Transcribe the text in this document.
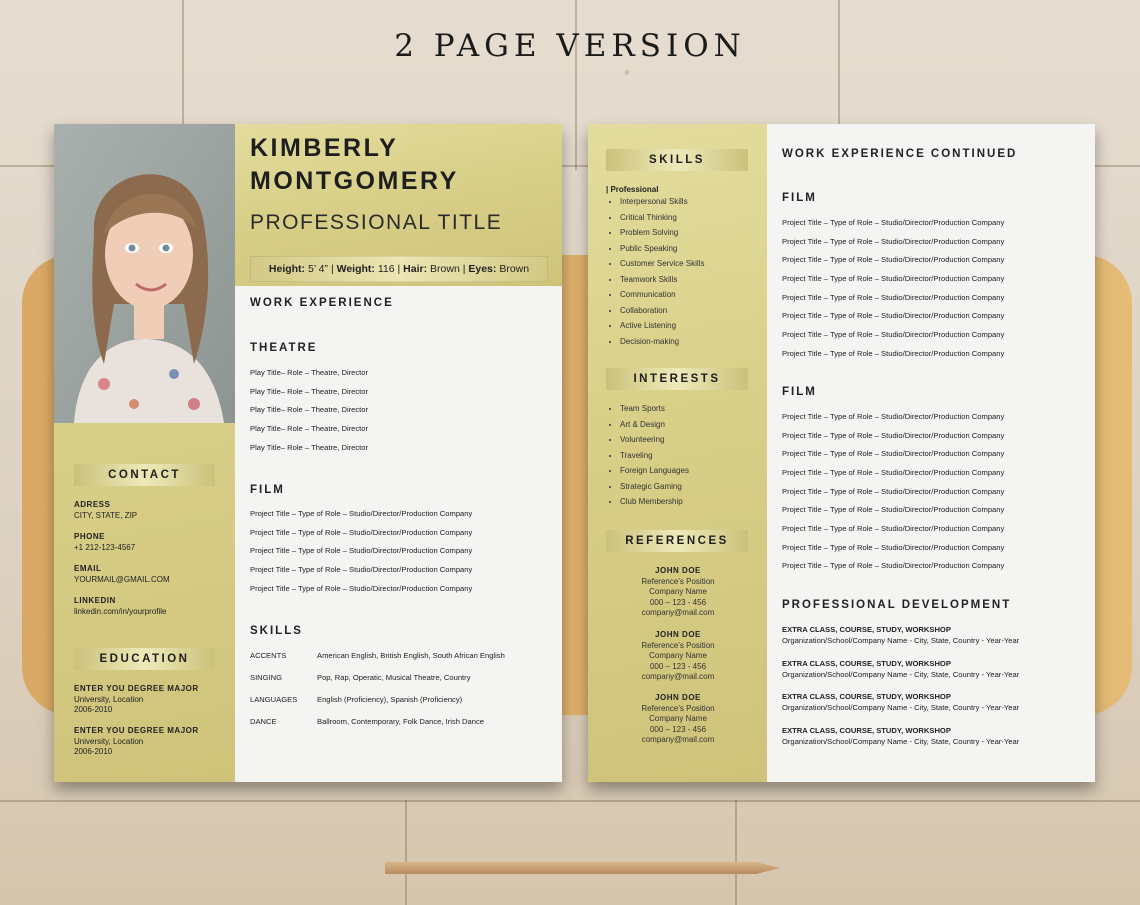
2 PAGE VERSION
CONTACT
ADRESS
CITY, STATE, ZIP
PHONE
+1 212-123-4567
EMAIL
YOURMAIL@GMAIL.COM
LINKEDIN
linkedin.com/in/yourprofile
EDUCATION
ENTER YOU DEGREE MAJOR
University, Location
2006-2010
ENTER YOU DEGREE MAJOR
University, Location
2006-2010
KIMBERLY
MONTGOMERY
PROFESSIONAL TITLE
Height: 5’ 4” | Weight: 116 | Hair: Brown | Eyes: Brown
WORK EXPERIENCE
THEATRE
Play Title– Role – Theatre, Director
Play Title– Role – Theatre, Director
Play Title– Role – Theatre, Director
Play Title– Role – Theatre, Director
Play Title– Role – Theatre, Director
FILM
Project Title – Type of Role – Studio/Director/Production Company
Project Title – Type of Role – Studio/Director/Production Company
Project Title – Type of Role – Studio/Director/Production Company
Project Title – Type of Role – Studio/Director/Production Company
Project Title – Type of Role – Studio/Director/Production Company
SKILLS
ACCENTS	American English, British English, South African English
SINGING	Pop, Rap, Operatic, Musical Theatre, Country
LANGUAGES	English (Proficiency), Spanish (Proficiency)
DANCE	Ballroom, Contemporary, Folk Dance, Irish Dance
SKILLS
| Professional
• Interpersonal Skills
• Critical Thinking
• Problem Solving
• Public Speaking
• Customer Service Skills
• Teamwork Skills
• Communication
• Collaboration
• Active Listening
• Decision-making
INTERESTS
• Team Sports
• Art & Design
• Volunteering
• Traveling
• Foreign Languages
• Strategic Gaming
• Club Membership
REFERENCES
JOHN DOE
Reference’s Position
Company Name
000 – 123 - 456
company@mail.com
JOHN DOE
Reference’s Position
Company Name
000 – 123 - 456
company@mail.com
JOHN DOE
Reference’s Position
Company Name
000 – 123 - 456
company@mail.com
WORK EXPERIENCE CONTINUED
FILM
Project Title – Type of Role – Studio/Director/Production Company
Project Title – Type of Role – Studio/Director/Production Company
Project Title – Type of Role – Studio/Director/Production Company
Project Title – Type of Role – Studio/Director/Production Company
Project Title – Type of Role – Studio/Director/Production Company
Project Title – Type of Role – Studio/Director/Production Company
Project Title – Type of Role – Studio/Director/Production Company
Project Title – Type of Role – Studio/Director/Production Company
FILM
Project Title – Type of Role – Studio/Director/Production Company
Project Title – Type of Role – Studio/Director/Production Company
Project Title – Type of Role – Studio/Director/Production Company
Project Title – Type of Role – Studio/Director/Production Company
Project Title – Type of Role – Studio/Director/Production Company
Project Title – Type of Role – Studio/Director/Production Company
Project Title – Type of Role – Studio/Director/Production Company
Project Title – Type of Role – Studio/Director/Production Company
Project Title – Type of Role – Studio/Director/Production Company
PROFESSIONAL DEVELOPMENT
EXTRA CLASS, COURSE, STUDY, WORKSHOP
Organization/School/Company Name - City, State, Country - Year-Year
EXTRA CLASS, COURSE, STUDY, WORKSHOP
Organization/School/Company Name - City, State, Country - Year-Year
EXTRA CLASS, COURSE, STUDY, WORKSHOP
Organization/School/Company Name - City, State, Country - Year-Year
EXTRA CLASS, COURSE, STUDY, WORKSHOP
Organization/School/Company Name - City, State, Country - Year-Year
